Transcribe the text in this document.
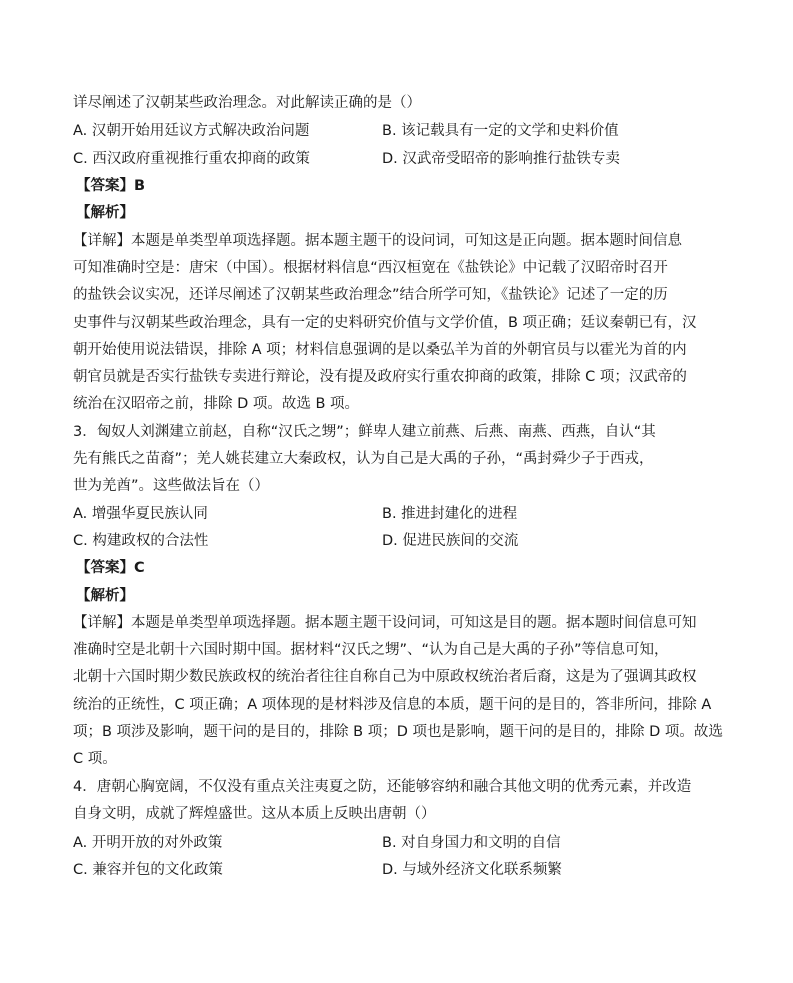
详尽阐述了汉朝某些政治理念。对此解读正确的是（）
A. 汉朝开始用廷议方式解决政治问题	B. 该记载具有一定的文学和史料价值
C. 西汉政府重视推行重农抑商的政策	D. 汉武帝受昭帝的影响推行盐铁专卖
【答案】B
【解析】
【详解】本题是单类型单项选择题。据本题主题干的设问词，可知这是正向题。据本题时间信息
可知准确时空是：唐宋（中国）。根据材料信息“西汉桓宽在《盐铁论》中记载了汉昭帝时召开
的盐铁会议实况，还详尽阐述了汉朝某些政治理念”结合所学可知，《盐铁论》记述了一定的历
史事件与汉朝某些政治理念，具有一定的史料研究价值与文学价值，B 项正确；廷议秦朝已有，汉
朝开始使用说法错误，排除 A 项；材料信息强调的是以桑弘羊为首的外朝官员与以霍光为首的内
朝官员就是否实行盐铁专卖进行辩论，没有提及政府实行重农抑商的政策，排除 C 项；汉武帝的
统治在汉昭帝之前，排除 D 项。故选 B 项。
3．匈奴人刘渊建立前赵，自称“汉氏之甥”；鲜卑人建立前燕、后燕、南燕、西燕，自认“其
先有熊氏之苗裔”；羌人姚苌建立大秦政权，认为自己是大禹的子孙，“禹封舜少子于西戎，
世为羌酋”。这些做法旨在（）
A. 增强华夏民族认同	B. 推进封建化的进程
C. 构建政权的合法性	D. 促进民族间的交流
【答案】C
【解析】
【详解】本题是单类型单项选择题。据本题主题干设问词，可知这是目的题。据本题时间信息可知
准确时空是北朝十六国时期中国。据材料“汉氏之甥”、“认为自己是大禹的子孙”等信息可知，
北朝十六国时期少数民族政权的统治者往往自称自己为中原政权统治者后裔，这是为了强调其政权
统治的正统性，C 项正确；A 项体现的是材料涉及信息的本质，题干问的是目的，答非所问，排除 A
项；B 项涉及影响，题干问的是目的，排除 B 项；D 项也是影响，题干问的是目的，排除 D 项。故选
C 项。
4．唐朝心胸宽阔，不仅没有重点关注夷夏之防，还能够容纳和融合其他文明的优秀元素，并改造
自身文明，成就了辉煌盛世。这从本质上反映出唐朝（）
A. 开明开放的对外政策	B. 对自身国力和文明的自信
C. 兼容并包的文化政策	D. 与域外经济文化联系频繁
